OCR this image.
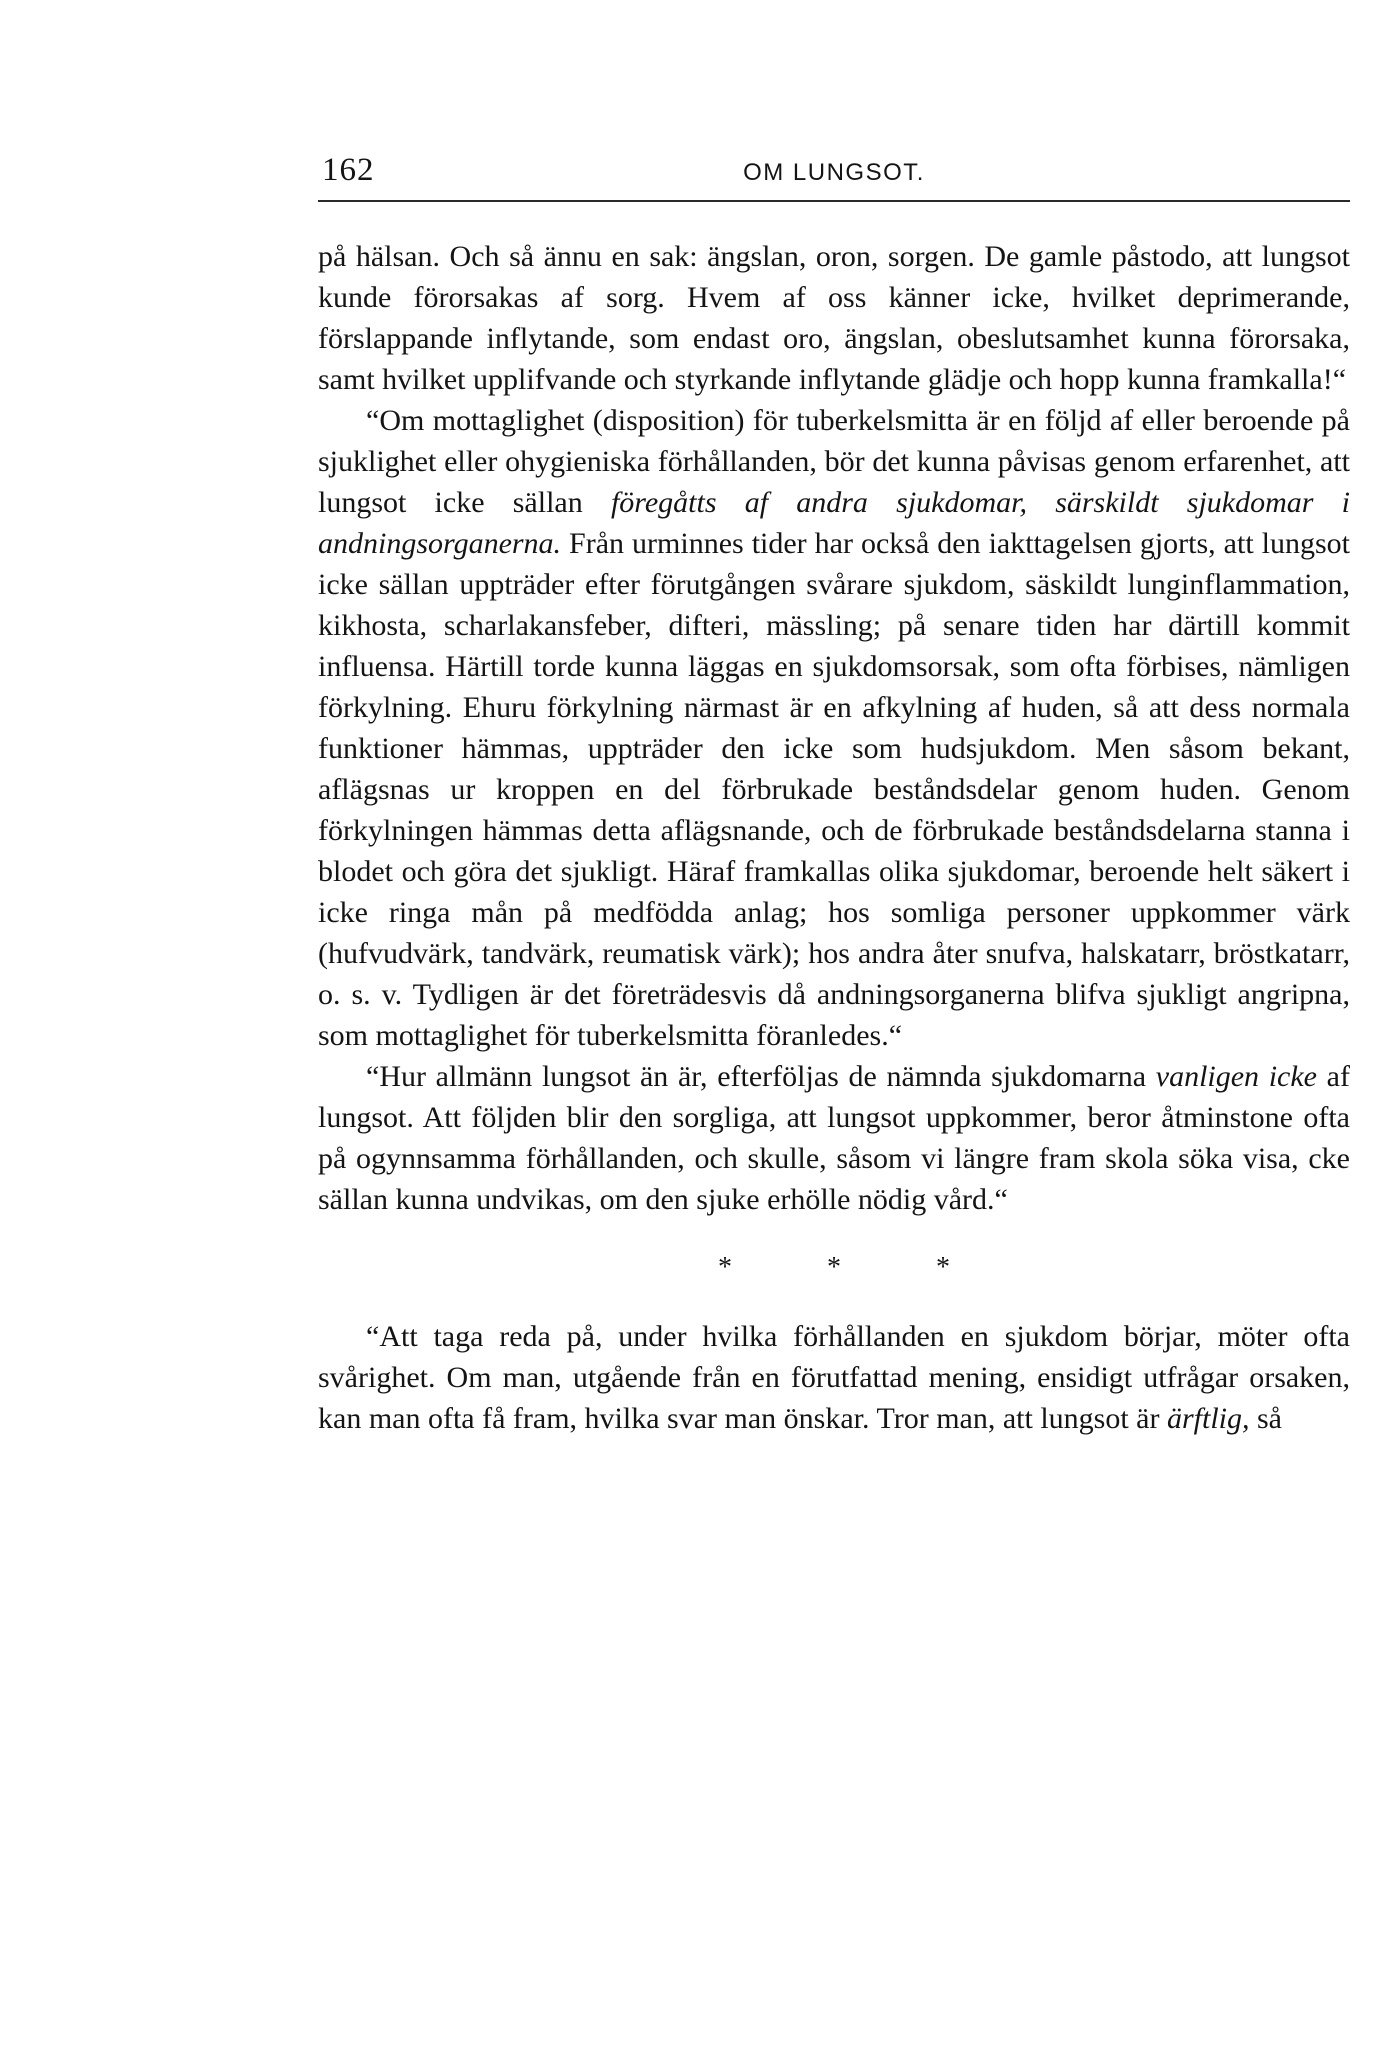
162	OM LUNGSOT.

på hälsan. Och så ännu en sak: ängslan, oron, sorgen. De gamle påstodo, att lungsot kunde förorsakas af sorg. Hvem af oss känner icke, hvilket deprimerande, förslappande inflytande, som endast oro, ängslan, obeslutsamhet kunna förorsaka, samt hvilket upplifvande och styrkande inflytande glädje och hopp kunna framkalla!“

“Om mottaglighet (disposition) för tuberkelsmitta är en följd af eller beroende på sjuklighet eller ohygieniska förhållanden, bör det kunna påvisas genom erfarenhet, att lungsot icke sällan föregåtts af andra sjukdomar, särskildt sjukdomar i andningsorganerna. Från urminnes tider har också den iakttagelsen gjorts, att lungsot icke sällan uppträder efter förutgången svårare sjukdom, säskildt lunginflammation, kikhosta, scharlakansfeber, difteri, mässling; på senare tiden har därtill kommit influensa. Härtill torde kunna läggas en sjukdomsorsak, som ofta förbises, nämligen förkylning. Ehuru förkylning närmast är en afkylning af huden, så att dess normala funktioner hämmas, uppträder den icke som hudsjukdom. Men såsom bekant, aflägsnas ur kroppen en del förbrukade beståndsdelar genom huden. Genom förkylningen hämmas detta aflägsnande, och de förbrukade beståndsdelarna stanna i blodet och göra det sjukligt. Häraf framkallas olika sjukdomar, beroende helt säkert i icke ringa mån på medfödda anlag; hos somliga personer uppkommer värk (hufvudvärk, tandvärk, reumatisk värk); hos andra åter snufva, halskatarr, bröstkatarr, o. s. v. Tydligen är det företrädesvis då andningsorganerna blifva sjukligt angripna, som mottaglighet för tuberkelsmitta föranledes.“

“Hur allmänn lungsot än är, efterföljas de nämnda sjukdomarna vanligen icke af lungsot. Att följden blir den sorgliga, att lungsot uppkommer, beror åtminstone ofta på ogynnsamma förhållanden, och skulle, såsom vi längre fram skola söka visa, cke sällan kunna undvikas, om den sjuke erhölle nödig vård.“

* * *

“Att taga reda på, under hvilka förhållanden en sjukdom börjar, möter ofta svårighet. Om man, utgående från en förutfattad mening, ensidigt utfrågar orsaken, kan man ofta få fram, hvilka svar man önskar. Tror man, att lungsot är ärftlig, så
